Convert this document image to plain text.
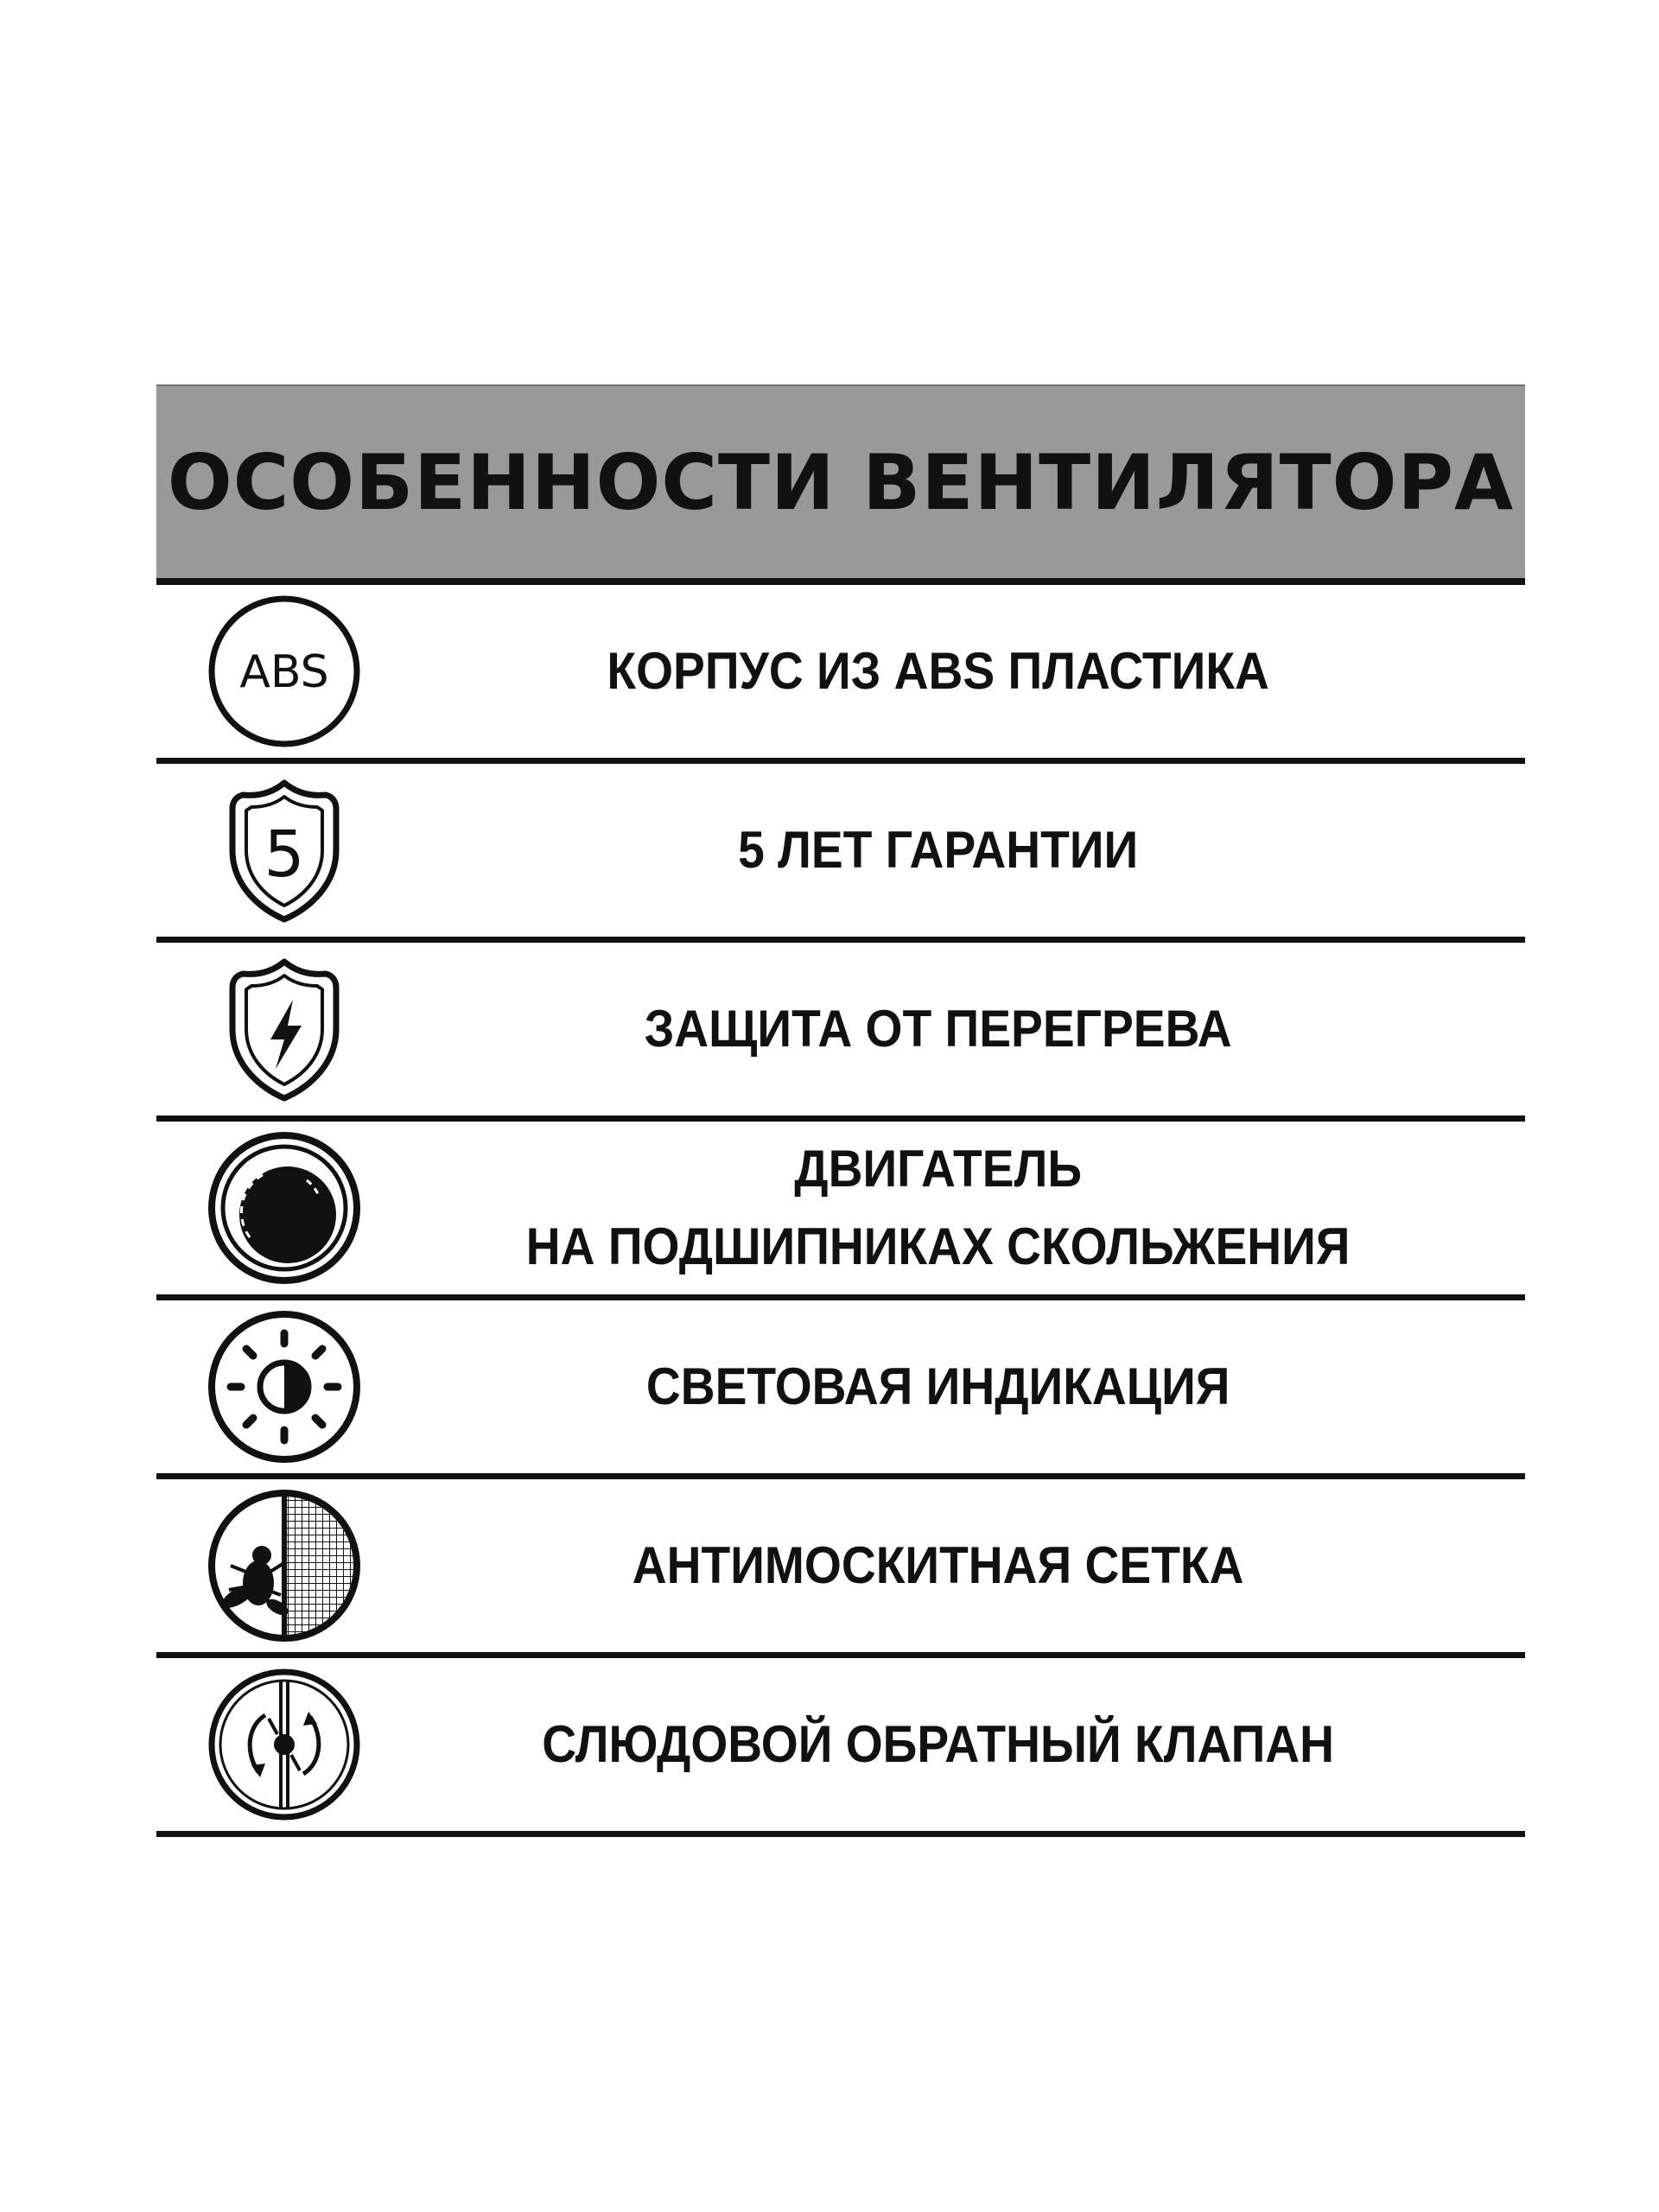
ОСОБЕННОСТИ ВЕНТИЛЯТОРА
ABS	КОРПУС ИЗ ABS ПЛАСТИКА
5	5 ЛЕТ ГАРАНТИИ
ЗАЩИТА ОТ ПЕРЕГРЕВА
ДВИГАТЕЛЬ
НА ПОДШИПНИКАХ СКОЛЬЖЕНИЯ
СВЕТОВАЯ ИНДИКАЦИЯ
АНТИМОСКИТНАЯ СЕТКА
СЛЮДОВОЙ ОБРАТНЫЙ КЛАПАН
